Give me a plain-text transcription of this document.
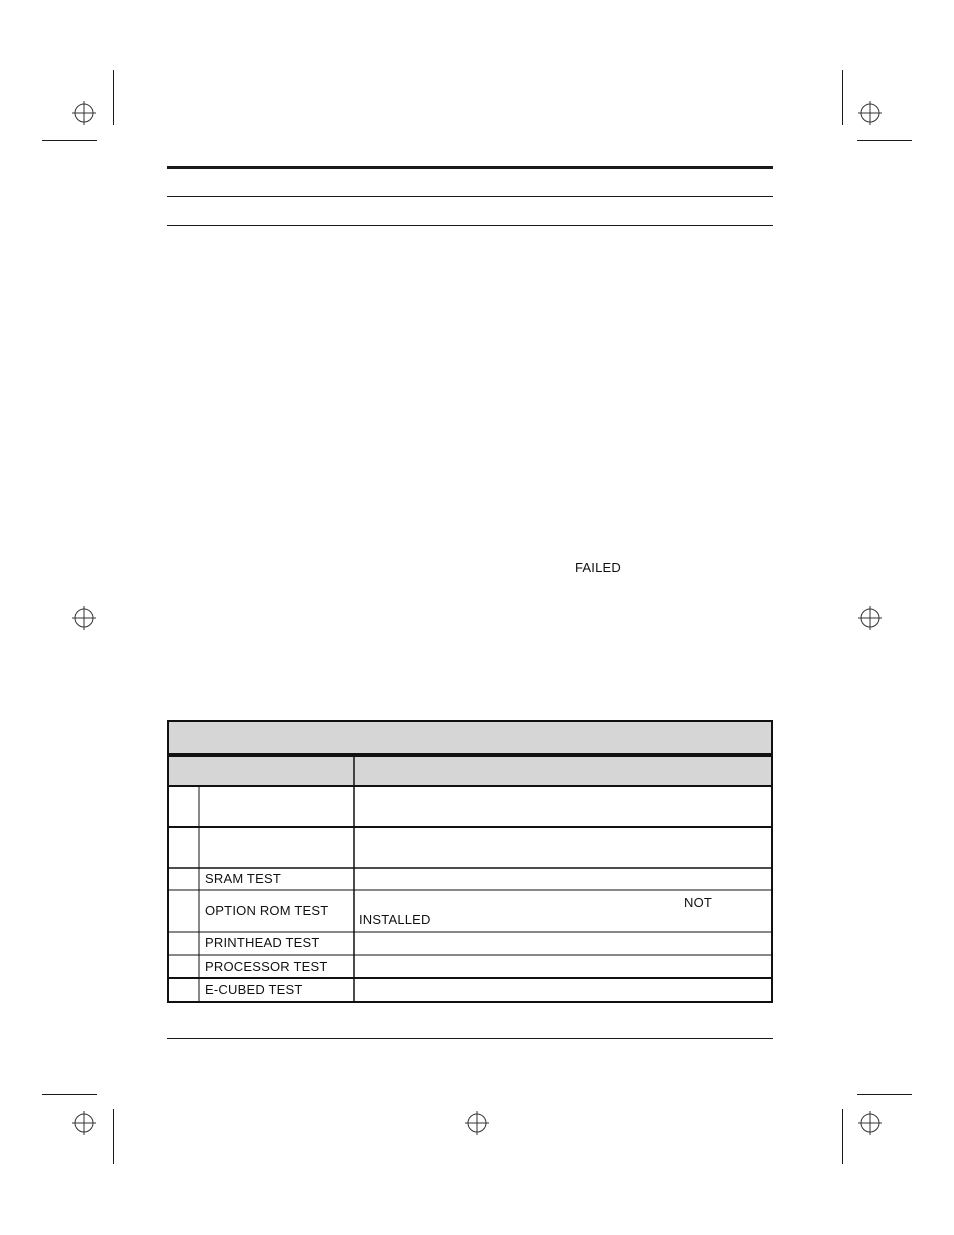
FAILED
SRAM TEST
OPTION ROM TEST
NOT
INSTALLED
PRINTHEAD TEST
PROCESSOR TEST
E-CUBED TEST
